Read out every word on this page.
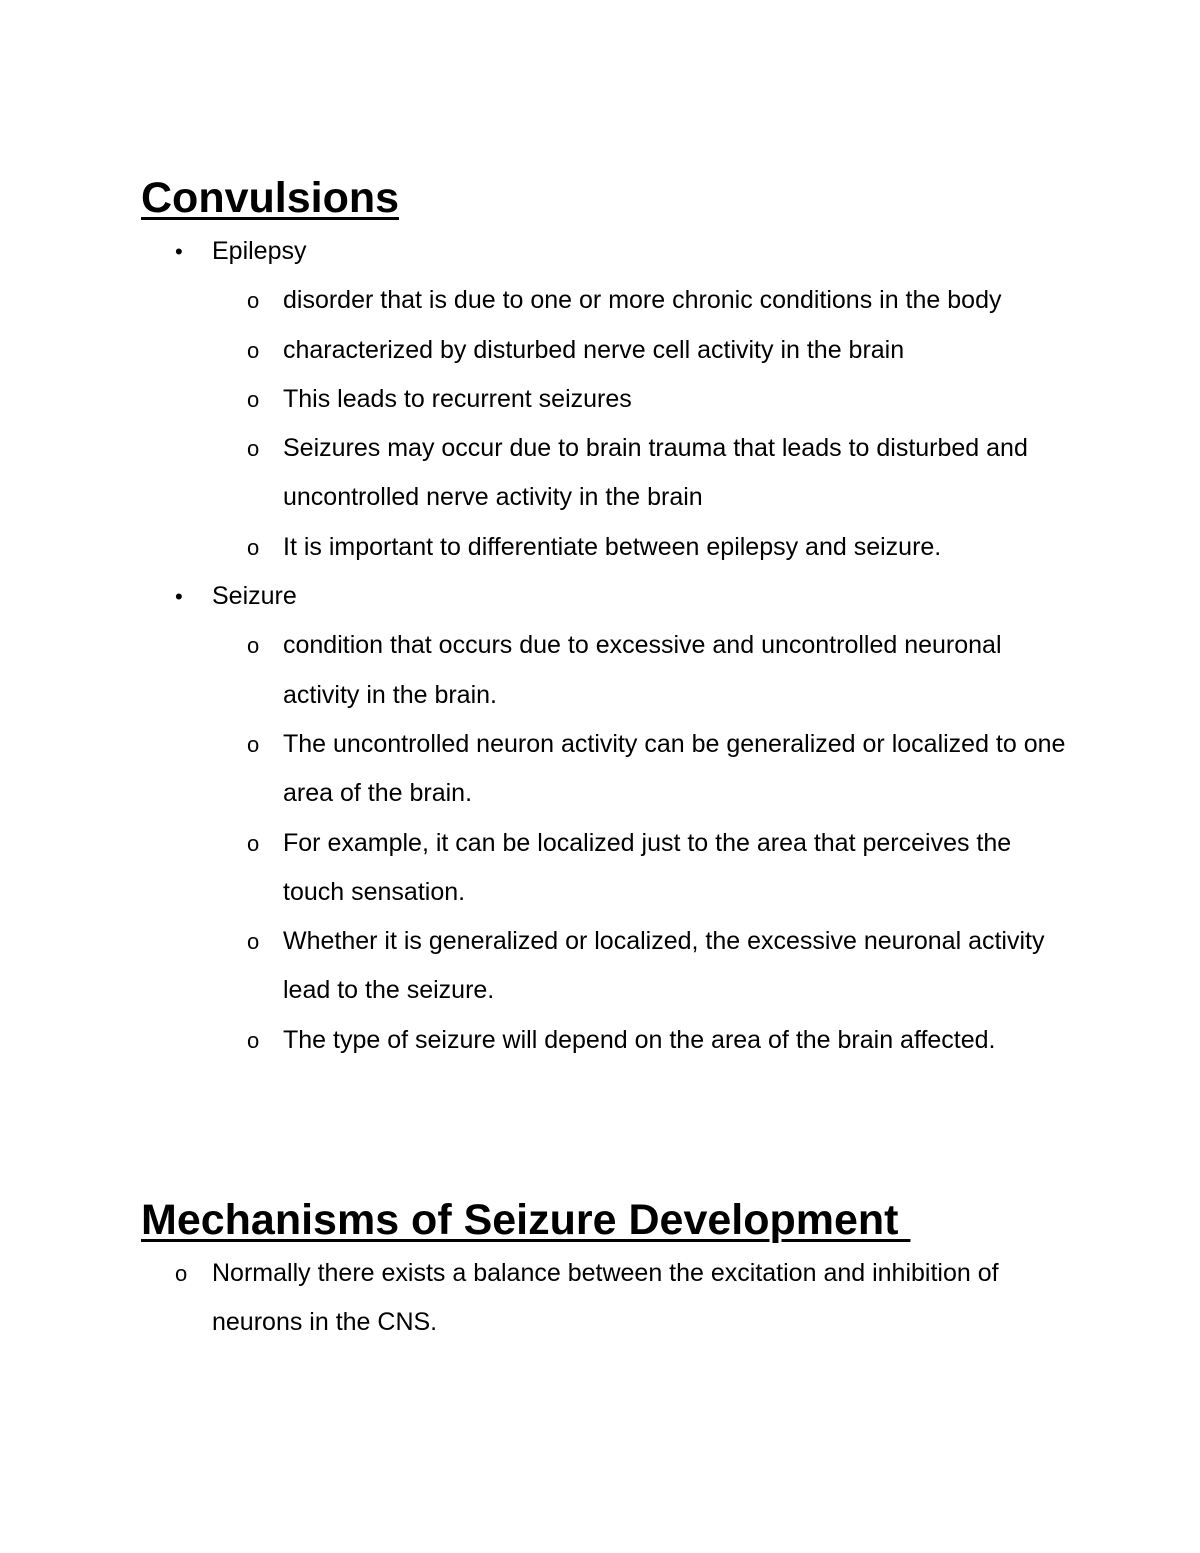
Convulsions
• Epilepsy
o disorder that is due to one or more chronic conditions in the body
o characterized by disturbed nerve cell activity in the brain
o This leads to recurrent seizures
o Seizures may occur due to brain trauma that leads to disturbed and uncontrolled nerve activity in the brain
o It is important to differentiate between epilepsy and seizure.
• Seizure
o condition that occurs due to excessive and uncontrolled neuronal activity in the brain.
o The uncontrolled neuron activity can be generalized or localized to one area of the brain.
o For example, it can be localized just to the area that perceives the touch sensation.
o Whether it is generalized or localized, the excessive neuronal activity lead to the seizure.
o The type of seizure will depend on the area of the brain affected.
Mechanisms of Seizure Development
o Normally there exists a balance between the excitation and inhibition of neurons in the CNS.
